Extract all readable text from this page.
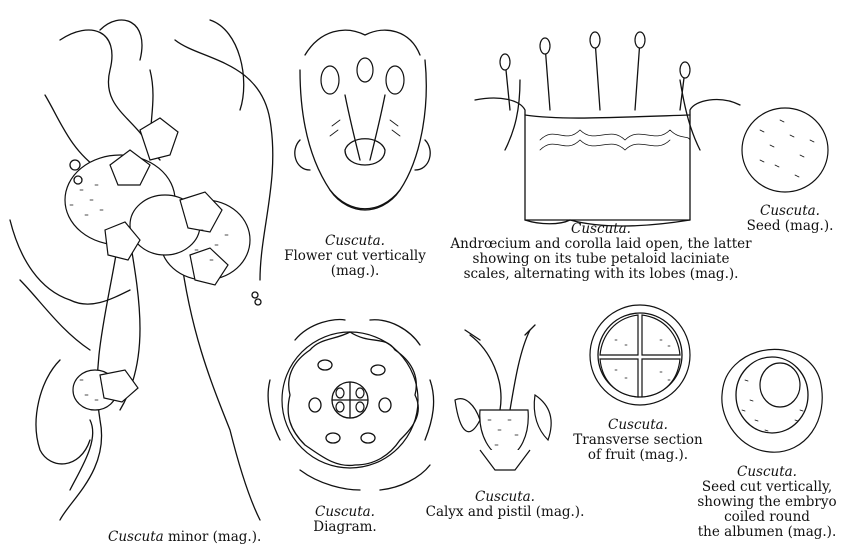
Cuscuta minor (mag.).
Cuscuta.
Flower cut vertically
(mag.).
Cuscuta.
Andrœcium and corolla laid open, the latter
showing on its tube petaloid laciniate
scales, alternating with its lobes (mag.).
Cuscuta.
Seed (mag.).
Cuscuta.
Transverse section
of fruit (mag.).
Cuscuta.
Diagram.
Cuscuta.
Calyx and pistil (mag.).
Cuscuta.
Seed cut vertically,
showing the embryo
coiled round
the albumen (mag.).
